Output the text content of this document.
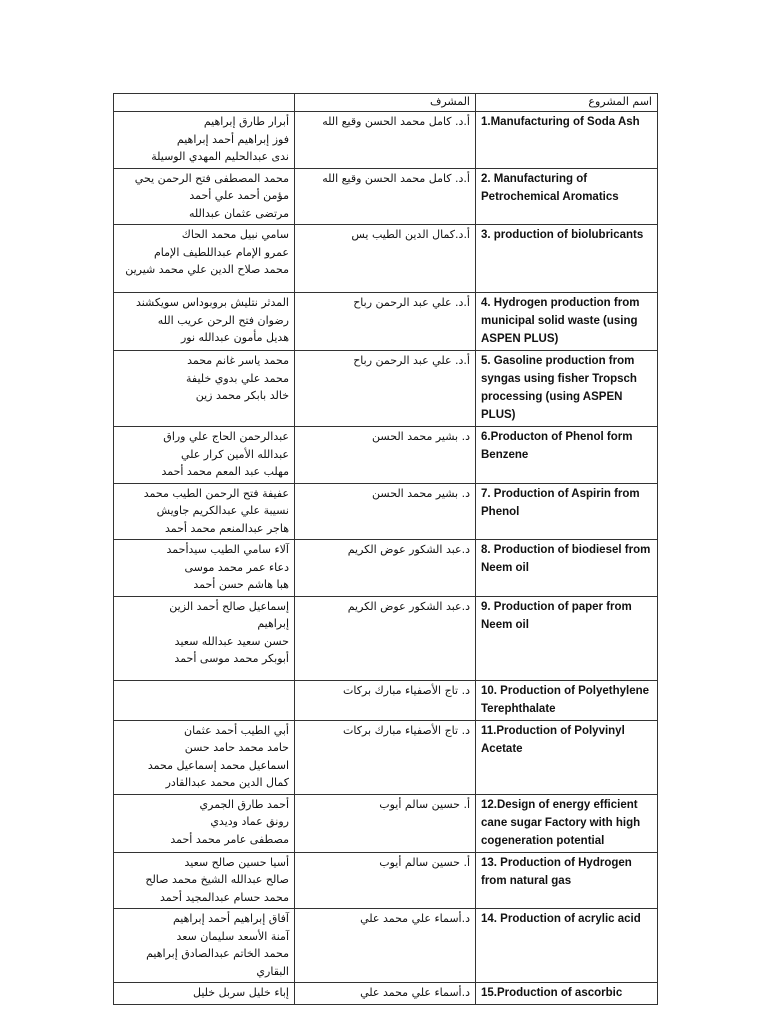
	المشرف	اسم المشروع

أبرار طارق إبراهيم
فوز إبراهيم أحمد إبراهيم
ندى عبدالحليم المهدي الوسيلة	أ.د. كامل محمد الحسن وقيع الله	1.Manufacturing of Soda Ash

محمد المصطفى فتح الرحمن يحي
مؤمن أحمد علي أحمد
مرتضى عثمان عبدالله	أ.د. كامل محمد الحسن وقيع الله	2. Manufacturing of Petrochemical Aromatics

سامي نبيل محمد الحاك
عمرو الإمام عبداللطيف الإمام
محمد صلاح الدين علي محمد شيرين	أ.د.كمال الدين الطيب يس	3. production of biolubricants

المدثر نتليش بروبوداس سويكشند
رضوان فتح الرحن عريب الله
هديل مأمون عبدالله نور	أ.د. علي عبد الرحمن رباح	4. Hydrogen production from municipal solid waste (using ASPEN PLUS)

محمد ياسر غانم محمد
محمد علي بدوي خليفة
خالد بابكر محمد زين	أ.د. علي عبد الرحمن رباح	5. Gasoline production from syngas using fisher Tropsch processing (using ASPEN PLUS)

عبدالرحمن الحاج علي وراق
عبدالله الأمين كرار علي
مهلب عبد المعم محمد أحمد	د. بشير محمد الحسن	6.Producton of Phenol form Benzene

عفيفة فتح الرحمن الطيب محمد
نسيبة علي عبدالكريم جاويش
هاجر عبدالمنعم محمد أحمد	د. بشير محمد الحسن	7. Production of Aspirin from Phenol

آلاء سامي الطيب سيدأحمد
دعاء عمر محمد موسى
هبا هاشم حسن أحمد	د.عبد الشكور عوض الكريم	8. Production of biodiesel from Neem oil

إسماعيل صالح أحمد الزين
إبراهيم
حسن سعيد عبدالله سعيد
أبوبكر محمد موسى أحمد	د.عبد الشكور عوض الكريم	9. Production of paper from Neem oil
	د. تاج الأصفياء مبارك بركات	10. Production of Polyethylene Terephthalate

أبي الطيب أحمد عثمان
حامد محمد حامد حسن
اسماعيل محمد إسماعيل محمد
كمال الدين محمد عبدالقادر	د. تاج الأصفياء مبارك بركات	11.Production of Polyvinyl Acetate

أحمد طارق الجمري
رونق عماد وديدي
مصطفى عامر محمد أحمد	أ. حسين سالم أيوب	12.Design of energy efficient cane sugar Factory with high cogeneration potential

أسيا حسين صالح سعيد
صالح عبدالله الشيخ محمد صالح
محمد حسام عبدالمجيد أحمد	أ. حسين سالم أيوب	13. Production of Hydrogen from natural gas

آفاق إبراهيم أحمد إبراهيم
آمنة الأسعد سليمان سعد
محمد الخاتم عبدالصادق إبراهيم
البقاري	د.أسماء علي محمد علي	14. Production of acrylic acid

إباء خليل سربل خليل	د.أسماء علي محمد علي	15.Production of ascorbic
